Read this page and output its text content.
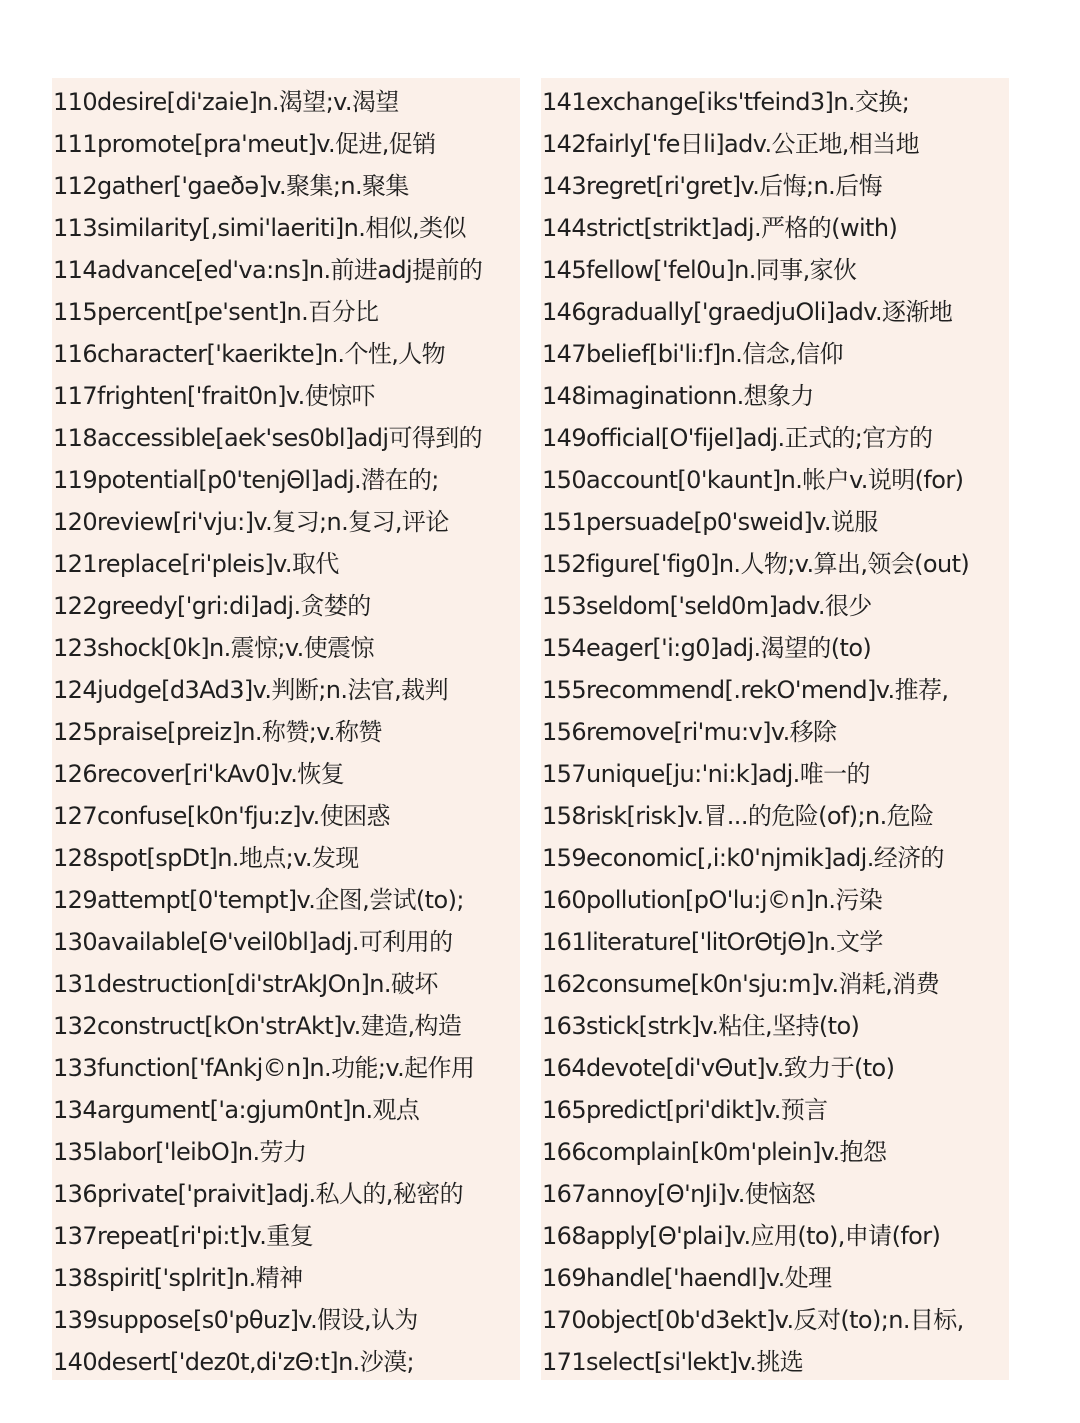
110desire[di'zaie]n.渴望;v.渴望
111promote[pra'meut]v.促进,促销
112gather['gaeðə]v.聚集;n.聚集
113similarity[,simi'laeriti]n.相似,类似
114advance[ed'va:ns]n.前进adj提前的
115percent[pe'sent]n.百分比
116character['kaerikte]n.个性,人物
117frighten['frait0n]v.使惊吓
118accessible[aek'ses0bl]adj可得到的
119potential[p0'tenjΘl]adj.潜在的;
120review[ri'vju:]v.复习;n.复习,评论
121replace[ri'pleis]v.取代
122greedy['gri:di]adj.贪婪的
123shock[0k]n.震惊;v.使震惊
124judge[d3Ad3]v.判断;n.法官,裁判
125praise[preiz]n.称赞;v.称赞
126recover[ri'kAv0]v.恢复
127confuse[k0n'fju:z]v.使困惑
128spot[spDt]n.地点;v.发现
129attempt[0'tempt]v.企图,尝试(to);
130available[Θ'veil0bl]adj.可利用的
131destruction[di'strAkJOn]n.破坏
132construct[kOn'strAkt]v.建造,构造
133function['fAnkj©n]n.功能;v.起作用
134argument['a:gjum0nt]n.观点
135labor['leibO]n.劳力
136private['praivit]adj.私人的,秘密的
137repeat[ri'pi:t]v.重复
138spirit['splrit]n.精神
139suppose[s0'pθuz]v.假设,认为
140desert['dez0t,di'zΘ:t]n.沙漠;
141exchange[iks'tfeind3]n.交换;
142fairly['fe日li]adv.公正地,相当地
143regret[ri'gret]v.后悔;n.后悔
144strict[strikt]adj.严格的(with)
145fellow['fel0u]n.同事,家伙
146gradually['graedjuOli]adv.逐渐地
147belief[bi'li:f]n.信念,信仰
148imaginationn.想象力
149official[O'fijel]adj.正式的;官方的
150account[0'kaunt]n.帐户v.说明(for)
151persuade[p0'sweid]v.说服
152figure['fig0]n.人物;v.算出,领会(out)
153seldom['seld0m]adv.很少
154eager['i:g0]adj.渴望的(to)
155recommend[.rekO'mend]v.推荐,
156remove[ri'mu:v]v.移除
157unique[ju:'ni:k]adj.唯一的
158risk[risk]v.冒...的危险(of);n.危险
159economic[,i:k0'njmik]adj.经济的
160pollution[pO'lu:j©n]n.污染
161literature['litOrΘtjΘ]n.文学
162consume[k0n'sju:m]v.消耗,消费
163stick[strk]v.粘住,坚持(to)
164devote[di'vΘut]v.致力于(to)
165predict[pri'dikt]v.预言
166complain[k0m'plein]v.抱怨
167annoy[Θ'nJi]v.使恼怒
168apply[Θ'plai]v.应用(to),申请(for)
169handle['haendl]v.处理
170object[0b'd3ekt]v.反对(to);n.目标,
171select[si'lekt]v.挑选
